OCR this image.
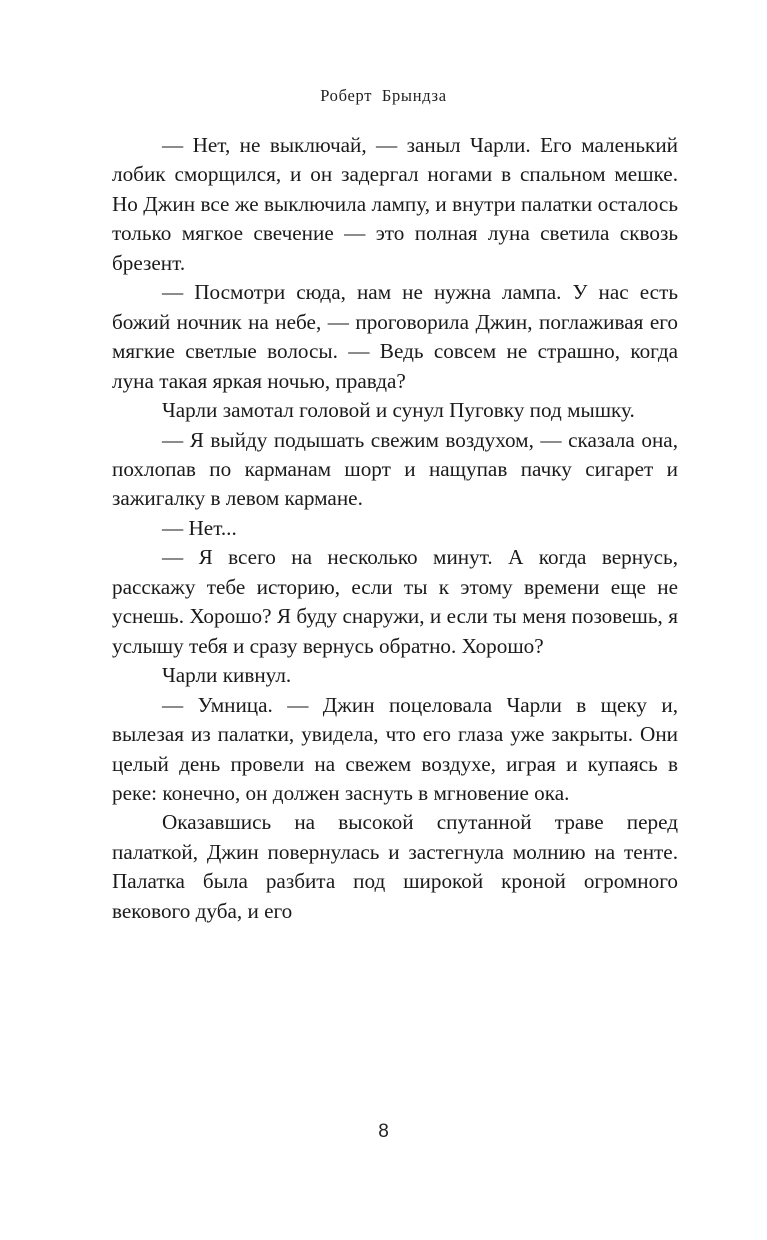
Роберт  Брындза

— Нет, не выключай, — заныл Чарли. Его маленький лобик сморщился, и он задергал ногами в спальном мешке. Но Джин все же выключила лампу, и внутри палатки осталось только мягкое свечение — это полная луна светила сквозь брезент.

— Посмотри сюда, нам не нужна лампа. У нас есть божий ночник на небе, — проговорила Джин, поглаживая его мягкие светлые волосы. — Ведь совсем не страшно, когда луна такая яркая ночью, правда?

Чарли замотал головой и сунул Пуговку под мышку.

— Я выйду подышать свежим воздухом, — сказала она, похлопав по карманам шорт и нащупав пачку сигарет и зажигалку в левом кармане.

— Нет...

— Я всего на несколько минут. А когда вернусь, расскажу тебе историю, если ты к этому времени еще не уснешь. Хорошо? Я буду снаружи, и если ты меня позовешь, я услышу тебя и сразу вернусь обратно. Хорошо?

Чарли кивнул.

— Умница. — Джин поцеловала Чарли в щеку и, вылезая из палатки, увидела, что его глаза уже закрыты. Они целый день провели на свежем воздухе, играя и купаясь в реке: конечно, он должен заснуть в мгновение ока.

Оказавшись на высокой спутанной траве перед палаткой, Джин повернулась и застегнула молнию на тенте. Палатка была разбита под широкой кроной огромного векового дуба, и его

8
